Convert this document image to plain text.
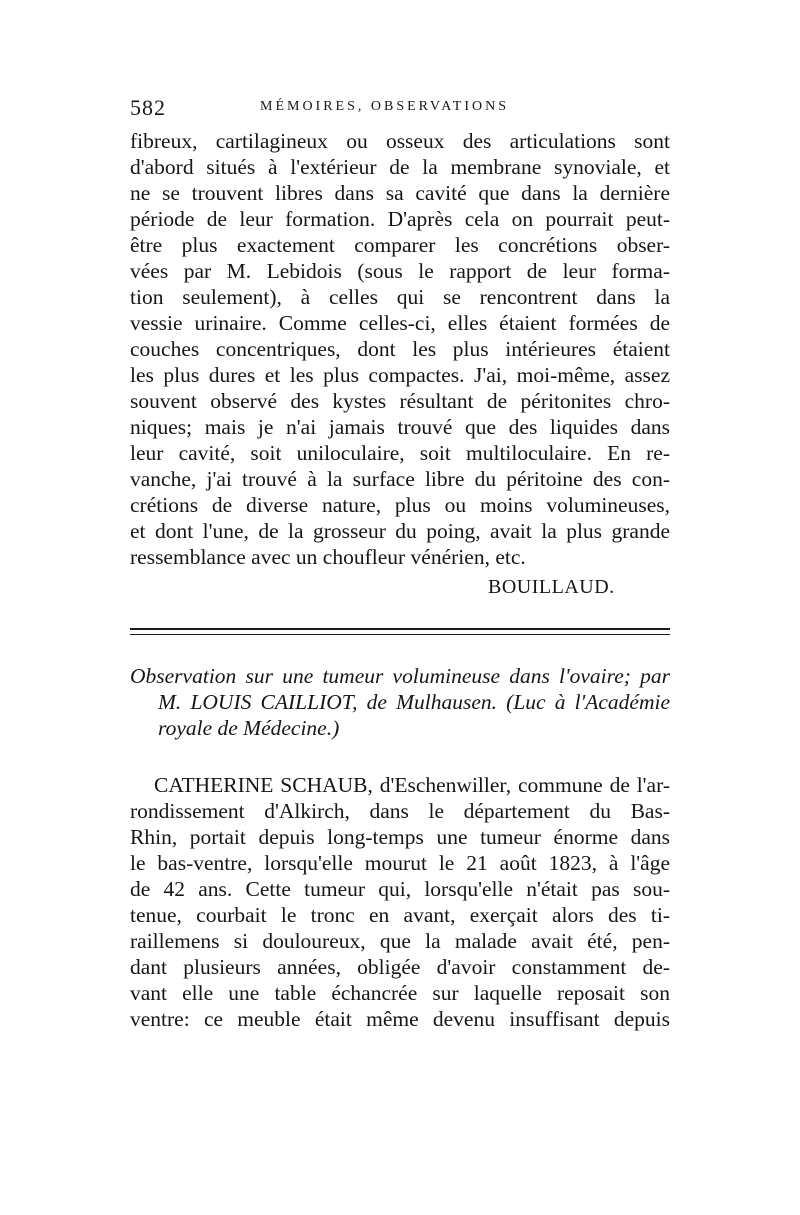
582	MÉMOIRES, OBSERVATIONS
fibreux, cartilagineux ou osseux des articulations sont
d'abord situés à l'extérieur de la membrane synoviale, et
ne se trouvent libres dans sa cavité que dans la dernière
période de leur formation. D'après cela on pourrait peut-
être plus exactement comparer les concrétions obser-
vées par M. Lebidois (sous le rapport de leur forma-
tion seulement), à celles qui se rencontrent dans la
vessie urinaire. Comme celles-ci, elles étaient formées de
couches concentriques, dont les plus intérieures étaient
les plus dures et les plus compactes. J'ai, moi-même, assez
souvent observé des kystes résultant de péritonites chro-
niques; mais je n'ai jamais trouvé que des liquides dans
leur cavité, soit uniloculaire, soit multiloculaire. En re-
vanche, j'ai trouvé à la surface libre du péritoine des con-
crétions de diverse nature, plus ou moins volumineuses,
et dont l'une, de la grosseur du poing, avait la plus grande
ressemblance avec un choufleur vénérien, etc.
BOUILLAUD.
Observation sur une tumeur volumineuse dans l'ovaire; par
M. LOUIS CAILLIOT, de Mulhausen. (Luc à l'Académie
royale de Médecine.)
CATHERINE SCHAUB, d'Eschenwiller, commune de l'ar-
rondissement d'Alkirch, dans le département du Bas-
Rhin, portait depuis long-temps une tumeur énorme dans
le bas-ventre, lorsqu'elle mourut le 21 août 1823, à l'âge
de 42 ans. Cette tumeur qui, lorsqu'elle n'était pas sou-
tenue, courbait le tronc en avant, exerçait alors des ti-
raillemens si douloureux, que la malade avait été, pen-
dant plusieurs années, obligée d'avoir constamment de-
vant elle une table échancrée sur laquelle reposait son
ventre: ce meuble était même devenu insuffisant depuis
